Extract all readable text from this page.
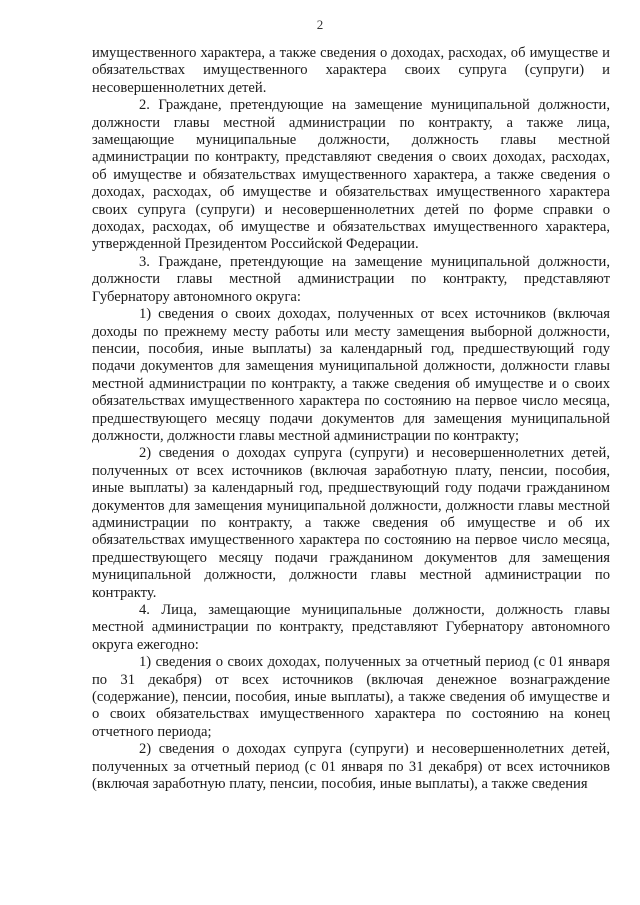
2

имущественного характера, а также сведения о доходах, расходах, об имуществе и обязательствах имущественного характера своих супруга (супруги) и несовершеннолетних детей.

2. Граждане, претендующие на замещение муниципальной должности, должности главы местной администрации по контракту, а также лица, замещающие муниципальные должности, должность главы местной администрации по контракту, представляют сведения о своих доходах, расходах, об имуществе и обязательствах имущественного характера, а также сведения о доходах, расходах, об имуществе и обязательствах имущественного характера своих супруга (супруги) и несовершеннолетних детей по форме справки о доходах, расходах, об имуществе и обязательствах имущественного характера, утвержденной Президентом Российской Федерации.

3. Граждане, претендующие на замещение муниципальной должности, должности главы местной администрации по контракту, представляют Губернатору автономного округа:

1) сведения о своих доходах, полученных от всех источников (включая доходы по прежнему месту работы или месту замещения выборной должности, пенсии, пособия, иные выплаты) за календарный год, предшествующий году подачи документов для замещения муниципальной должности, должности главы местной администрации по контракту, а также сведения об имуществе и о своих обязательствах имущественного характера по состоянию на первое число месяца, предшествующего месяцу подачи документов для замещения муниципальной должности, должности главы местной администрации по контракту;

2) сведения о доходах супруга (супруги) и несовершеннолетних детей, полученных от всех источников (включая заработную плату, пенсии, пособия, иные выплаты) за календарный год, предшествующий году подачи гражданином документов для замещения муниципальной должности, должности главы местной администрации по контракту, а также сведения об имуществе и об их обязательствах имущественного характера по состоянию на первое число месяца, предшествующего месяцу подачи гражданином документов для замещения муниципальной должности, должности главы местной администрации по контракту.

4. Лица, замещающие муниципальные должности, должность главы местной администрации по контракту, представляют Губернатору автономного округа ежегодно:

1) сведения о своих доходах, полученных за отчетный период (с 01 января по 31 декабря) от всех источников (включая денежное вознаграждение (содержание), пенсии, пособия, иные выплаты), а также сведения об имуществе и о своих обязательствах имущественного характера по состоянию на конец отчетного периода;

2) сведения о доходах супруга (супруги) и несовершеннолетних детей, полученных за отчетный период (с 01 января по 31 декабря) от всех источников (включая заработную плату, пенсии, пособия, иные выплаты), а также сведения
